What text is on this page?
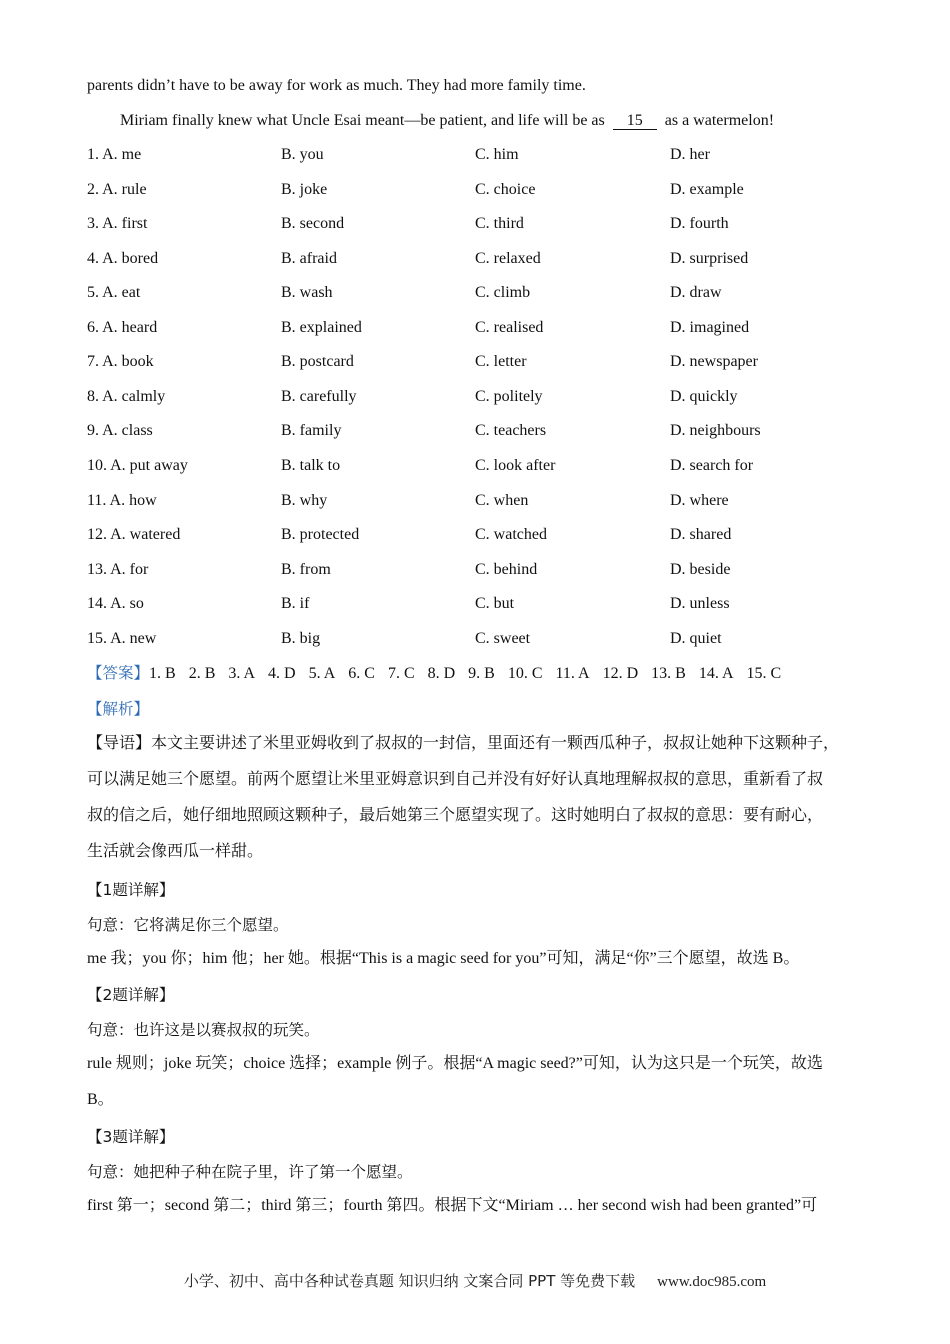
parents didn’t have to be away for work as much. They had more family time.
Miriam finally knew what Uncle Esai meant—be patient, and life will be as 15 as a watermelon!
1. A. me	B. you	C. him	D. her
2. A. rule	B. joke	C. choice	D. example
3. A. first	B. second	C. third	D. fourth
4. A. bored	B. afraid	C. relaxed	D. surprised
5. A. eat	B. wash	C. climb	D. draw
6. A. heard	B. explained	C. realised	D. imagined
7. A. book	B. postcard	C. letter	D. newspaper
8. A. calmly	B. carefully	C. politely	D. quickly
9. A. class	B. family	C. teachers	D. neighbours
10. A. put away	B. talk to	C. look after	D. search for
11. A. how	B. why	C. when	D. where
12. A. watered	B. protected	C. watched	D. shared
13. A. for	B. from	C. behind	D. beside
14. A. so	B. if	C. but	D. unless
15. A. new	B. big	C. sweet	D. quiet
【答案】1. B 2. B 3. A 4. D 5. A 6. C 7. C 8. D 9. B 10. C 11. A 12. D 13. B 14. A 15. C
【解析】
【导语】本文主要讲述了米里亚姆收到了叔叔的一封信，里面还有一颗西瓜种子，叔叔让她种下这颗种子，
可以满足她三个愿望。前两个愿望让米里亚姆意识到自己并没有好好认真地理解叔叔的意思，重新看了叔
叔的信之后，她仔细地照顾这颗种子，最后她第三个愿望实现了。这时她明白了叔叔的意思：要有耐心，
生活就会像西瓜一样甜。
【1题详解】
句意：它将满足你三个愿望。
me 我；you 你；him 他；her 她。根据“This is a magic seed for you”可知，满足“你”三个愿望，故选 B。
【2题详解】
句意：也许这是以赛叔叔的玩笑。
rule 规则；joke 玩笑；choice 选择；example 例子。根据“A magic seed?”可知，认为这只是一个玩笑，故选
B。
【3题详解】
句意：她把种子种在院子里，许了第一个愿望。
first 第一；second 第二；third 第三；fourth 第四。根据下文“Miriam … her second wish had been granted”可
小学、初中、高中各种试卷真题 知识归纳 文案合同 PPT 等免费下载 www.doc985.com
